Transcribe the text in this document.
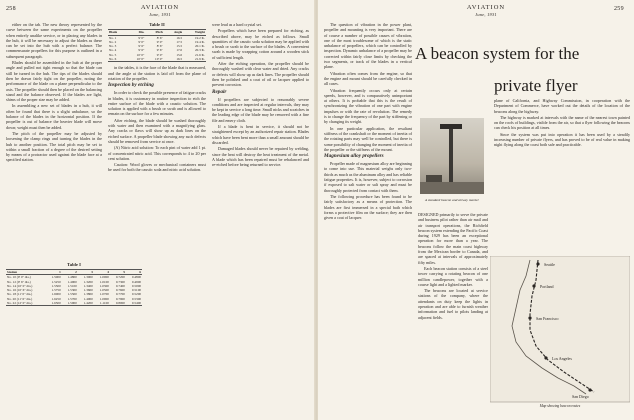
258	AVIATION
June, 1931

either on the tab. The new theory represented by the curve between the same experiments on the propeller when entirely unalike service, or in placing any blades in the hub, it will be necessary to adjust the blades as these can be set into the hub with a perfect balance. The commensurate propellers for this purpose is outlined in a subsequent paragraph.

Blades should be assembled in the hub at the proper angle and pulled not tight enough so that the blade can still be turned in the hub. The tips of the blades should then be drawn fairly tight on the propeller, noting the performance of the blade on a plane perpendicular to the axis. The propeller should then be placed on the balancing stand and the balance observed. If the blades are light, shims of the proper size may be added.

In assembling a new set of blades in a hub, it will often be found that there is a slight unbalance, so the balance of the blades in the horizontal position. If the propeller is out of balance the heavier blade will move down; weight must then be added.

The pitch of the propeller may be adjusted by loosening the clamp rings and turning the blades in the hub to another position. The total pitch may be set to within a small fraction of a degree of the desired setting by means of a protractor used against the blade face at a specified station.

Table I
Station	1	2	3	4	5	6
No. 10 (9' 0" dia.)	1.5000	1.4800	1.3000	1.0000	0.7200	0.4800
No. 12 (9' 6" dia.)	1.5250	1.4900	1.3200	1.0100	0.7300	0.4900
No. 14 (10' 0" dia.)	1.5500	1.5100	1.3400	1.0300	0.7400	0.5000
No. 16 (10' 6" dia.)	1.5750	1.5300	1.3600	1.0500	0.7600	0.5100
No. 18 (11' 0" dia.)	1.6000	1.5500	1.3800	1.0700	0.7700	0.5200
No. 20 (11' 6" dia.)	1.6250	1.5700	1.4000	1.0900	0.7900	0.5300
No. 22 (12' 0" dia.)	1.6500	1.5900	1.4200	1.1100	0.8000	0.5400
Table II
Blade	Dia.	Pitch	Angle	Weight
No. 1	9' 0"	8' 6"	16.5	19.2 lb.
No. 2	9' 0"	9' 0"	17.5	19.4 lb.
No. 3	9' 6"	8' 6"	15.5	20.1 lb.
No. 4	9' 6"	9' 6"	17.0	20.3 lb.
No. 5	10' 0"	9' 0"	15.0	21.6 lb.
No. 6	10' 0"	10' 0"	16.5	21.9 lb.

in the tables, it is the face of the blade that is measured, and the angle at the station is laid off from the plane of rotation of the propeller.

Inspection by etching

In order to check the possible presence of fatigue cracks in blades, it is customary in routine inspection to etch the entire surface of the blade with a caustic solution. The solution is applied with a brush or swab and is allowed to remain on the surface for a few minutes.

After etching, the blade should be washed thoroughly with water and then examined with a magnifying glass. Any cracks or flaws will show up as dark lines on the etched surface. A propeller blade showing any such defects should be removed from service at once.

(A) Nitric acid solution: To each pint of water add 1 pt. of concentrated nitric acid. This corresponds to 4 to 20 per cent solution.

Caution: Wood gloves or mechanical containers must be used for both the caustic soda and nitric acid solution.

were lead as a hard crystal set.

Propellers which have been prepared for etching, as described above, may be etched as follows. Small quantities of the caustic soda solution may be applied with a brush or swab to the surface of the blades. A convenient swab is made by wrapping cotton around a wooden stick of sufficient length.

After the etching operation, the propeller should be thoroughly washed with clear water and dried. Any cracks or defects will show up as dark lines. The propeller should then be polished and a coat of oil or lacquer applied to prevent corrosion.

Repair

If propellers are subjected to reasonably severe conditions and are inspected at regular intervals, they may be kept in service a long time. Small nicks and scratches in the leading edge of the blade may be removed with a fine file and emery cloth.

If a blade is bent in service, it should not be straightened except by an authorized repair station. Blades which have been bent more than a small amount should be discarded.

Damaged blades should never be repaired by welding, since the heat will destroy the heat treatment of the metal. A blade which has been repaired must be rebalanced and re-etched before being returned to service.

AVIATION
June, 1931
259

The question of vibration in the power plant, propeller and mounting is very important. There are of course a number of possible causes of vibration, one of the most troublesome of which is the static unbalance of propellers, which can be controlled by inspection. Dynamic unbalance of a propeller may be corrected within fairly close limits by checking the two segments, or track of the blades in a vertical plane.

Vibration often comes from the engine, so that the engine and mount should be carefully checked in all cases.

Vibration frequently occurs only at certain speeds, however, and is comparatively unimportant at others. It is probable that this is the result of synchronizing the vibration of one part with engine impulses or with the rate of revolution. The remedy is to change the frequency of the part by stiffening or by changing its weight.

In one particular application, the resultant stiffness of the crankshaft or the moment of inertia of the rotating parts may well be controlled, but there is some possibility of changing the moment of inertia of the propeller or the stiffness of the mount.

Magnesium alloy propellers

Propeller made of magnesium alloy are beginning to come into use. This material weighs only two-thirds as much as the aluminum alloy and has reliable fatigue properties. It is, however, subject to corrosion if exposed to salt water or salt spray and must be thoroughly protected from contact with them.

The following procedure has been found to be fairly satisfactory as a means of protection. The blades are first immersed in a special bath which forms a protective film on the surface; they are then given a coat of lacquer.

A beacon system for the
private flyer
A standard beacon and airway marker

DESIGNED primarily to serve the private and business pilot rather than air mail and air transport operations, the Richfield beacon system extending the Pacific Coast during 1929 has been an exceptional operation for more than a year. The beacons follow the main coast highway from the Mexican border to Canada, and are spaced at intervals of approximately fifty miles.

Each beacon station consists of a steel tower carrying a rotating beacon of one million candlepower, together with a course light and a lighted marker.

The beacons are located at service stations of the company, where the attendants on duty keep the lights in operation and are able to furnish weather information and fuel to pilots landing at adjacent fields.

plane of California, and Highway Commission, in cooperation with the Department of Commerce, have worked out the details of the location of the beacons along the highway.

The highway is marked at intervals with the name of the nearest town painted on the roofs of buildings, visible from the air, so that a flyer following the beacons can check his position at all times.

Since the system was put into operation it has been used by a steadily increasing number of private flyers, and has proved to be of real value in making night flying along the coast both safe and practicable.

Seattle
Portland
San Francisco
Los Angeles
San Diego
Map showing beacon routes
